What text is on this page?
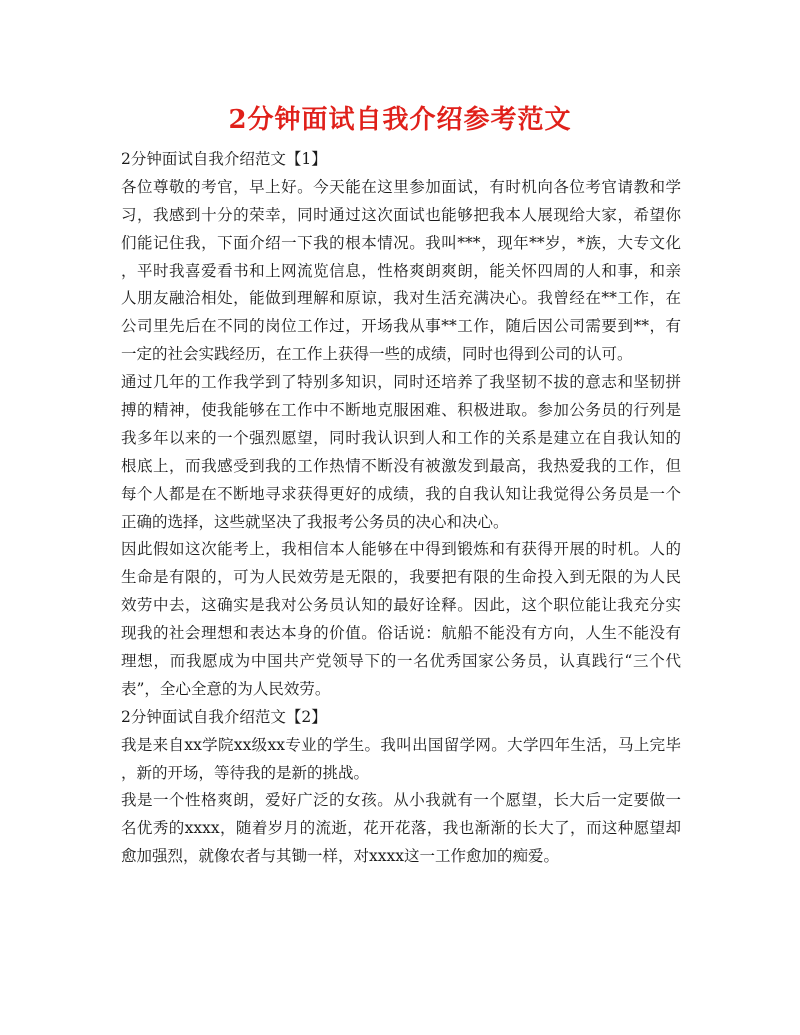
2分钟面试自我介绍参考范文
2分钟面试自我介绍范文【1】
各位尊敬的考官，早上好。今天能在这里参加面试，有时机向各位考官请教和学
习，我感到十分的荣幸，同时通过这次面试也能够把我本人展现给大家，希望你
们能记住我，下面介绍一下我的根本情况。我叫***，现年**岁，*族，大专文化
，平时我喜爱看书和上网流览信息，性格爽朗爽朗，能关怀四周的人和事，和亲
人朋友融洽相处，能做到理解和原谅，我对生活充满决心。我曾经在**工作，在
公司里先后在不同的岗位工作过，开场我从事**工作，随后因公司需要到**，有
一定的社会实践经历，在工作上获得一些的成绩，同时也得到公司的认可。
通过几年的工作我学到了特别多知识，同时还培养了我坚韧不拔的意志和坚韧拼
搏的精神，使我能够在工作中不断地克服困难、积极进取。参加公务员的行列是
我多年以来的一个强烈愿望，同时我认识到人和工作的关系是建立在自我认知的
根底上，而我感受到我的工作热情不断没有被激发到最高，我热爱我的工作，但
每个人都是在不断地寻求获得更好的成绩，我的自我认知让我觉得公务员是一个
正确的选择，这些就坚决了我报考公务员的决心和决心。
因此假如这次能考上，我相信本人能够在中得到锻炼和有获得开展的时机。人的
生命是有限的，可为人民效劳是无限的，我要把有限的生命投入到无限的为人民
效劳中去，这确实是我对公务员认知的最好诠释。因此，这个职位能让我充分实
现我的社会理想和表达本身的价值。俗话说：航船不能没有方向，人生不能没有
理想，而我愿成为中国共产党领导下的一名优秀国家公务员，认真践行“三个代
表”，全心全意的为人民效劳。
2分钟面试自我介绍范文【2】
我是来自xx学院xx级xx专业的学生。我叫出国留学网。大学四年生活，马上完毕
，新的开场，等待我的是新的挑战。
我是一个性格爽朗，爱好广泛的女孩。从小我就有一个愿望，长大后一定要做一
名优秀的xxxx，随着岁月的流逝，花开花落，我也渐渐的长大了，而这种愿望却
愈加强烈，就像农者与其锄一样，对xxxx这一工作愈加的痴爱。
